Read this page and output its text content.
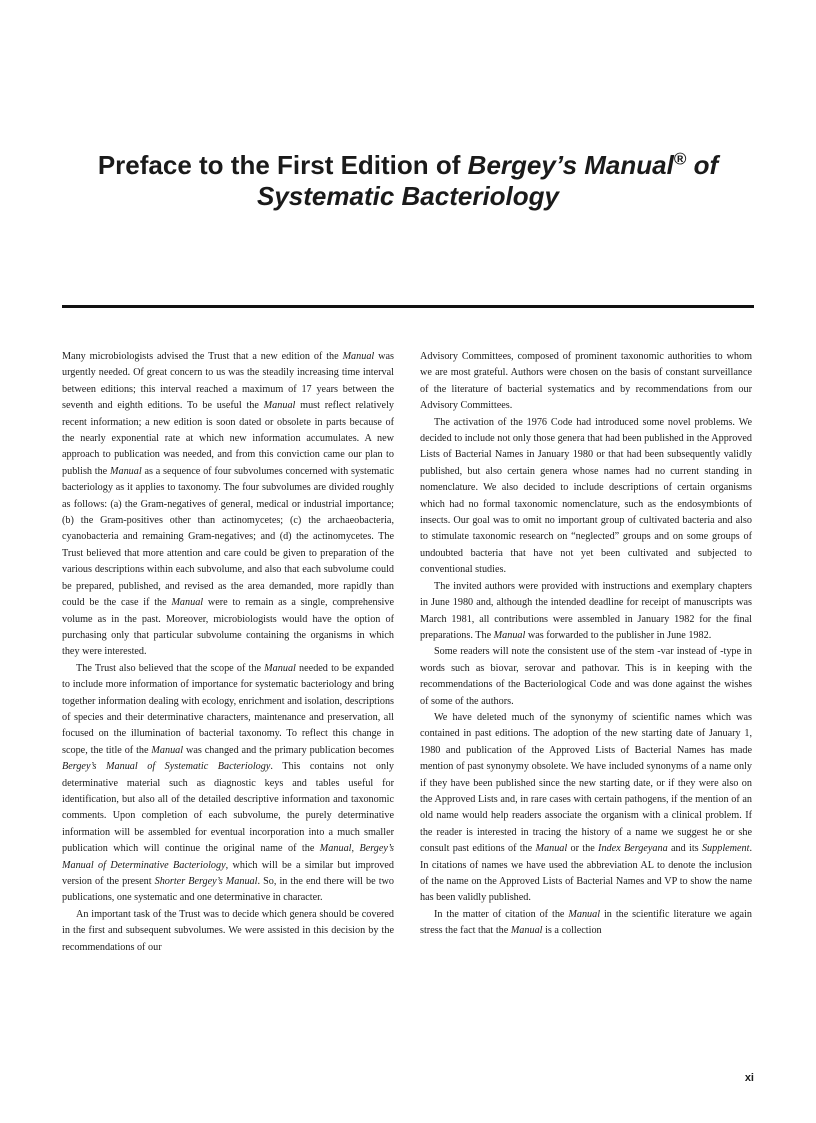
Preface to the First Edition of Bergey’s Manual® of Systematic Bacteriology

Many microbiologists advised the Trust that a new edition of the Manual was urgently needed. Of great concern to us was the steadily increasing time interval between editions; this interval reached a maximum of 17 years between the seventh and eighth editions. To be useful the Manual must reflect relatively recent information; a new edition is soon dated or obsolete in parts because of the nearly exponential rate at which new information accumulates. A new approach to publication was needed, and from this conviction came our plan to publish the Manual as a sequence of four subvolumes concerned with systematic bacteriology as it applies to taxonomy. The four subvolumes are divided roughly as follows: (a) the Gram-negatives of general, medical or industrial importance; (b) the Gram-positives other than actinomycetes; (c) the archaeobacteria, cyanobacteria and remaining Gram-negatives; and (d) the actinomycetes. The Trust believed that more attention and care could be given to preparation of the various descriptions within each subvolume, and also that each subvolume could be prepared, published, and revised as the area demanded, more rapidly than could be the case if the Manual were to remain as a single, comprehensive volume as in the past. Moreover, microbiologists would have the option of purchasing only that particular subvolume containing the organisms in which they were interested.

The Trust also believed that the scope of the Manual needed to be expanded to include more information of importance for systematic bacteriology and bring together information dealing with ecology, enrichment and isolation, descriptions of species and their determinative characters, maintenance and preservation, all focused on the illumination of bacterial taxonomy. To reflect this change in scope, the title of the Manual was changed and the primary publication becomes Bergey’s Manual of Systematic Bacteriology. This contains not only determinative material such as diagnostic keys and tables useful for identification, but also all of the detailed descriptive information and taxonomic comments. Upon completion of each subvolume, the purely determinative information will be assembled for eventual incorporation into a much smaller publication which will continue the original name of the Manual, Bergey’s Manual of Determinative Bacteriology, which will be a similar but improved version of the present Shorter Bergey’s Manual. So, in the end there will be two publications, one systematic and one determinative in character.

An important task of the Trust was to decide which genera should be covered in the first and subsequent subvolumes. We were assisted in this decision by the recommendations of our

Advisory Committees, composed of prominent taxonomic authorities to whom we are most grateful. Authors were chosen on the basis of constant surveillance of the literature of bacterial systematics and by recommendations from our Advisory Committees.

The activation of the 1976 Code had introduced some novel problems. We decided to include not only those genera that had been published in the Approved Lists of Bacterial Names in January 1980 or that had been subsequently validly published, but also certain genera whose names had no current standing in nomenclature. We also decided to include descriptions of certain organisms which had no formal taxonomic nomenclature, such as the endosymbionts of insects. Our goal was to omit no important group of cultivated bacteria and also to stimulate taxonomic research on “neglected” groups and on some groups of undoubted bacteria that have not yet been cultivated and subjected to conventional studies.

The invited authors were provided with instructions and exemplary chapters in June 1980 and, although the intended deadline for receipt of manuscripts was March 1981, all contributions were assembled in January 1982 for the final preparations. The Manual was forwarded to the publisher in June 1982.

Some readers will note the consistent use of the stem -var instead of -type in words such as biovar, serovar and pathovar. This is in keeping with the recommendations of the Bacteriological Code and was done against the wishes of some of the authors.

We have deleted much of the synonymy of scientific names which was contained in past editions. The adoption of the new starting date of January 1, 1980 and publication of the Approved Lists of Bacterial Names has made mention of past synonymy obsolete. We have included synonyms of a name only if they have been published since the new starting date, or if they were also on the Approved Lists and, in rare cases with certain pathogens, if the mention of an old name would help readers associate the organism with a clinical problem. If the reader is interested in tracing the history of a name we suggest he or she consult past editions of the Manual or the Index Bergeyana and its Supplement. In citations of names we have used the abbreviation AL to denote the inclusion of the name on the Approved Lists of Bacterial Names and VP to show the name has been validly published.

In the matter of citation of the Manual in the scientific literature we again stress the fact that the Manual is a collection

xi
